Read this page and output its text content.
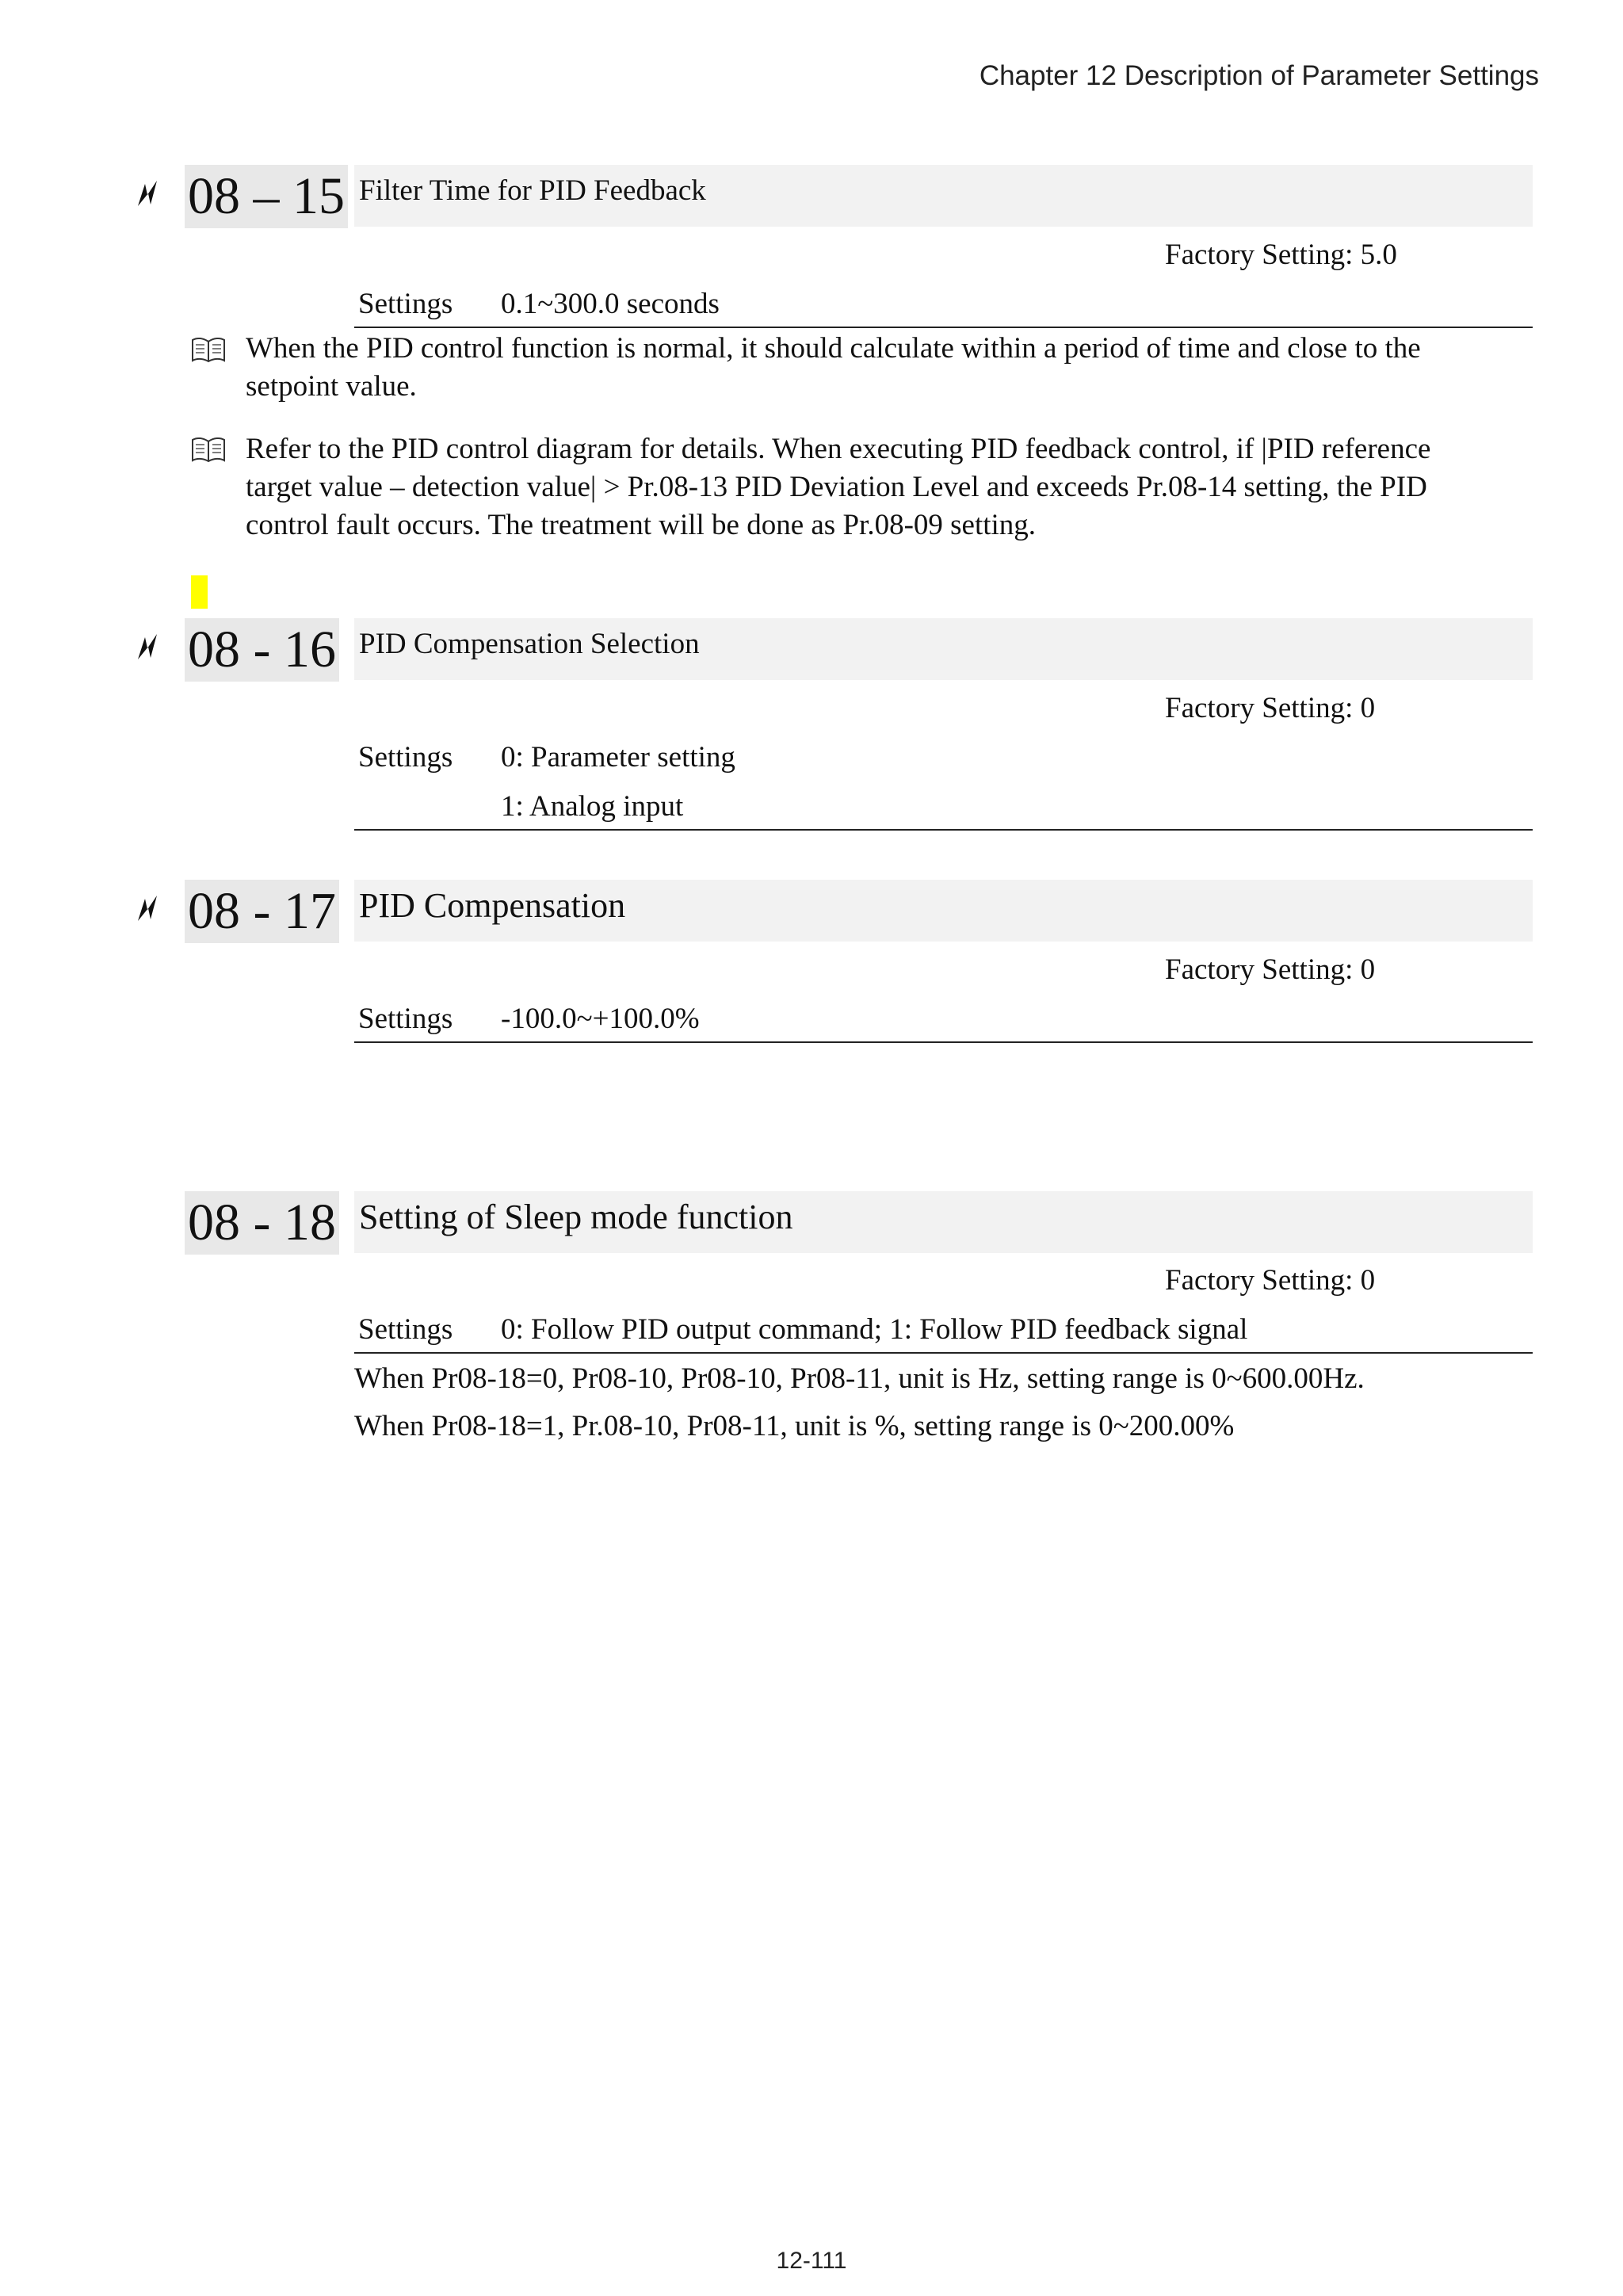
Chapter 12 Description of Parameter Settings
12-111
08 – 15 Filter Time for PID Feedback
Factory Setting: 5.0
Settings 0.1~300.0 seconds
When the PID control function is normal, it should calculate within a period of time and close to the setpoint value.
Refer to the PID control diagram for details. When executing PID feedback control, if |PID reference target value – detection value| > Pr.08-13 PID Deviation Level and exceeds Pr.08-14 setting, the PID control fault occurs. The treatment will be done as Pr.08-09 setting.
08 - 16 PID Compensation Selection
Factory Setting: 0
Settings 0: Parameter setting
1: Analog input
08 - 17 PID Compensation
Factory Setting: 0
Settings -100.0~+100.0%
08 - 18 Setting of Sleep mode function
Factory Setting: 0
Settings 0: Follow PID output command; 1: Follow PID feedback signal
When Pr08-18=0, Pr08-10, Pr08-10, Pr08-11, unit is Hz, setting range is 0~600.00Hz.
When Pr08-18=1, Pr.08-10, Pr08-11, unit is %, setting range is 0~200.00%
